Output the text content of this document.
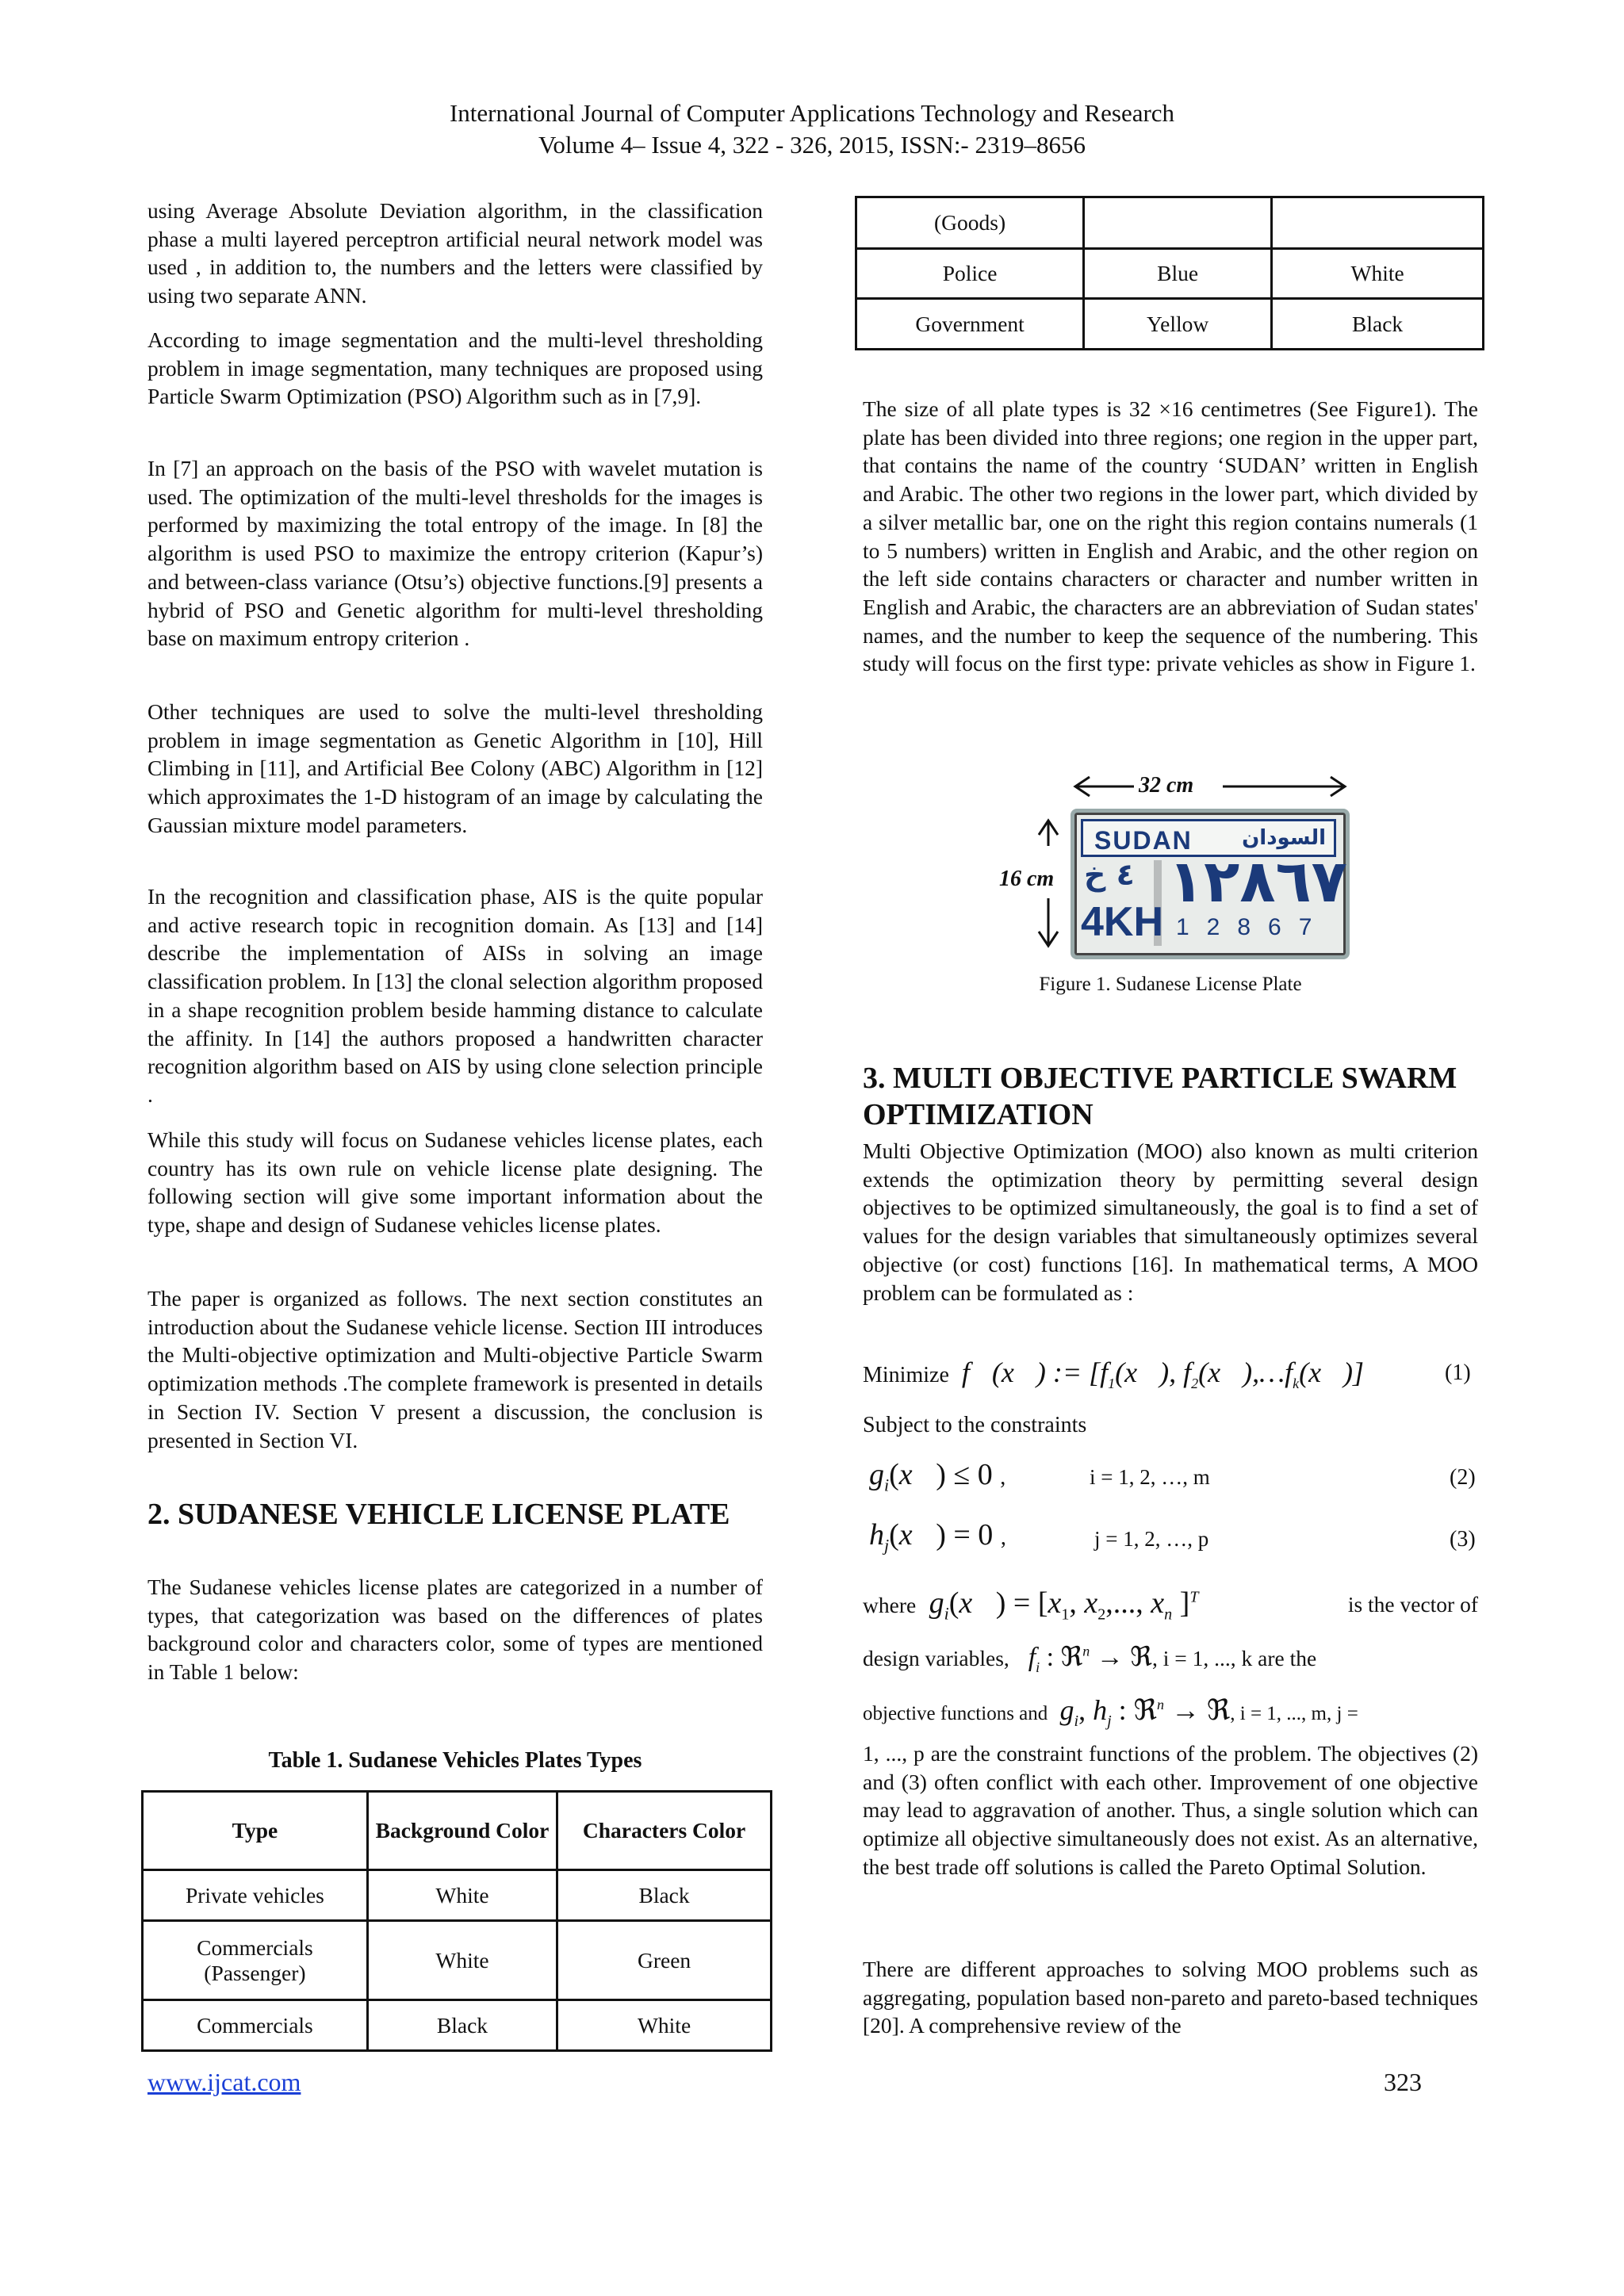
International Journal of Computer Applications Technology and Research
Volume 4– Issue 4, 322 - 326, 2015, ISSN:- 2319–8656

using Average Absolute Deviation algorithm, in the classification phase a multi layered perceptron artificial neural network model was used , in addition to, the numbers and the letters were classified by using two separate ANN.

According to image segmentation and the multi-level thresholding problem in image segmentation, many techniques are proposed using Particle Swarm Optimization (PSO) Algorithm such as in [7,9].

In [7] an approach on the basis of the PSO with wavelet mutation is used. The optimization of the multi-level thresholds for the images is performed by maximizing the total entropy of the image. In [8] the algorithm is used PSO to maximize the entropy criterion (Kapur’s) and between-class variance (Otsu’s) objective functions.[9] presents a hybrid of PSO and Genetic algorithm for multi-level thresholding base on maximum entropy criterion .

Other techniques are used to solve the multi-level thresholding problem in image segmentation as Genetic Algorithm in [10], Hill Climbing in [11], and Artificial Bee Colony (ABC) Algorithm in [12] which approximates the 1-D histogram of an image by calculating the Gaussian mixture model parameters.

In the recognition and classification phase, AIS is the quite popular and active research topic in recognition domain. As [13] and [14] describe the implementation of AISs in solving an image classification problem. In [13] the clonal selection algorithm proposed in a shape recognition problem beside hamming distance to calculate the affinity. In [14] the authors proposed a handwritten character recognition algorithm based on AIS by using clone selection principle .

While this study will focus on Sudanese vehicles license plates, each country has its own rule on vehicle license plate designing. The following section will give some important information about the type, shape and design of Sudanese vehicles license plates.

The paper is organized as follows. The next section constitutes an introduction about the Sudanese vehicle license. Section III introduces the Multi-objective optimization and Multi-objective Particle Swarm optimization methods .The complete framework is presented in details in Section IV. Section V present a discussion, the conclusion is presented in Section VI.

2. SUDANESE VEHICLE LICENSE PLATE

The Sudanese vehicles license plates are categorized in a number of types, that categorization was based on the differences of plates background color and characters color, some of types are mentioned in Table 1 below:

Table 1. Sudanese Vehicles Plates Types
Type	Background Color	Characters Color
Private vehicles	White	Black
Commercials (Passenger)	White	Green
Commercials	Black	White
(Goods)		
Police	Blue	White
Government	Yellow	Black

The size of all plate types is 32 ×16 centimetres (See Figure1). The plate has been divided into three regions; one region in the upper part, that contains the name of the country ‘SUDAN’ written in English and Arabic. The other two regions in the lower part, which divided by a silver metallic bar, one on the right this region contains numerals (1 to 5 numbers) written in English and Arabic, and the other region on the left side contains characters or character and number written in English and Arabic, the characters are an abbreviation of Sudan states' names, and the number to keep the sequence of the numbering. This study will focus on the first type: private vehicles as show in Figure 1.

32 cm
16 cm
SUDAN السودان
٤ خ
4KH
١٢٨٦٧
12867
Figure 1. Sudanese License Plate
3. MULTI OBJECTIVE PARTICLE SWARM OPTIMIZATION

Multi Objective Optimization (MOO) also known as multi criterion extends the optimization theory by permitting several design objectives to be optimized simultaneously, the goal is to find a set of values for the design variables that simultaneously optimizes several objective (or cost) functions [16]. In mathematical terms, A MOO problem can be formulated as :

Minimize  f⃗(x⃗) := [$f_1(x⃗)$, $f_2(x⃗),\dots f_k(x⃗)$]	(1)
Subject to the constraints
$g_i(x⃗) \le 0$ ,	i = 1, 2, …, m	(2)
$h_j(x⃗) = 0$ ,	j = 1, 2, …, p	(3)
where  $g_i(x⃗) = [x_1$, $x_2$,..., $x_n$ ]$^T$	is the vector of
design variables, $f_i$ : ℜ$^n$ → ℜ, i = 1, ..., k are the
objective functions and $g_i$, $h_j$ : ℜ$^n$ → ℜ, i = 1, ..., m, j =

1, ..., p are the constraint functions of the problem. The objectives (2) and (3) often conflict with each other. Improvement of one objective may lead to aggravation of another. Thus, a single solution which can optimize all objective simultaneously does not exist. As an alternative, the best trade off solutions is called the Pareto Optimal Solution.

There are different approaches to solving MOO problems such as aggregating, population based non-pareto and pareto-based techniques [20]. A comprehensive review of the

www.ijcat.com	323
